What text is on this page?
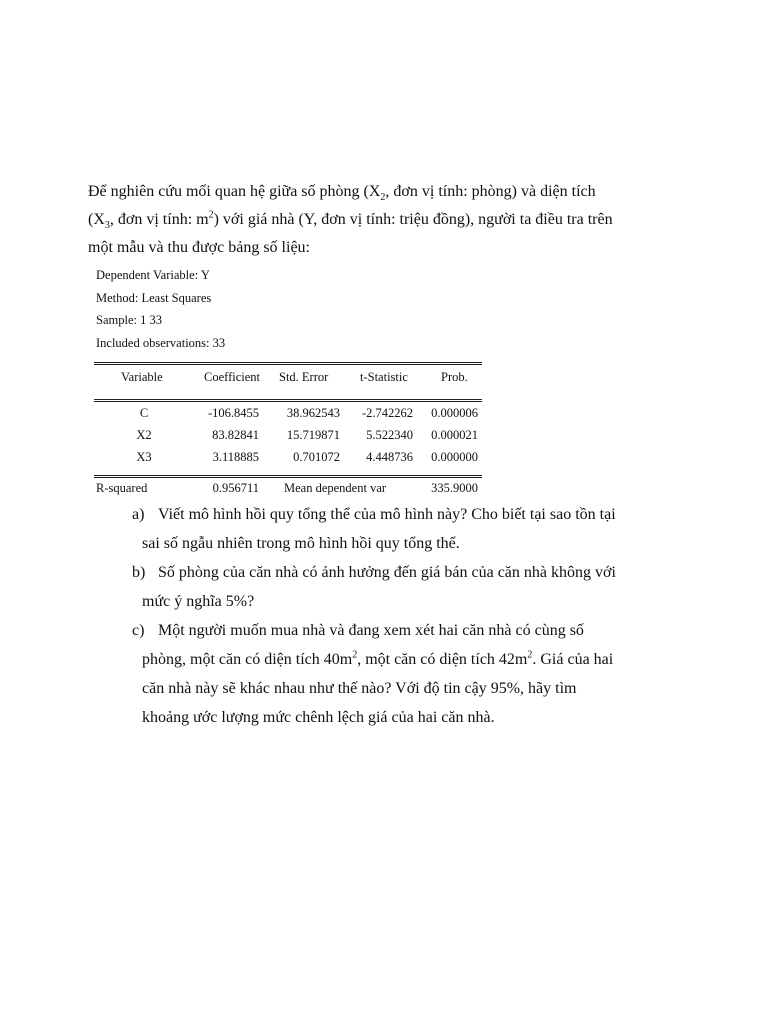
Để nghiên cứu mối quan hệ giữa số phòng ($X_2$, đơn vị tính: phòng) và diện tích

($X_3$, đơn vị tính: $m^2$) với giá nhà (Y, đơn vị tính: triệu đồng), người ta điều tra trên

một mẫu và thu được bảng số liệu:

Dependent Variable: Y
Method: Least Squares
Sample: 1 33
Included observations: 33
Variable	Coefficient Std. Error	t-Statistic	Prob.
C	-106.8455 38.962543 -2.742262 0.000006
X2	83.82841 15.719871 5.522340 0.000021
X3	3.118885	0.701072 4.448736 0.000000
R-squared	0.956711 Mean dependent var	335.9000
a) Viết mô hình hồi quy tổng thể của mô hình này? Cho biết tại sao tồn tại
sai số ngẫu nhiên trong mô hình hồi quy tổng thể.
b) Số phòng của căn nhà có ảnh hưởng đến giá bán của căn nhà không với
mức ý nghĩa 5%?
c) Một người muốn mua nhà và đang xem xét hai căn nhà có cùng số
phòng, một căn có diện tích $40m^2$, một căn có diện tích $42m^2$. Giá của hai
căn nhà này sẽ khác nhau như thế nào? Với độ tin cậy 95%, hãy tìm
khoảng ước lượng mức chênh lệch giá của hai căn nhà.
